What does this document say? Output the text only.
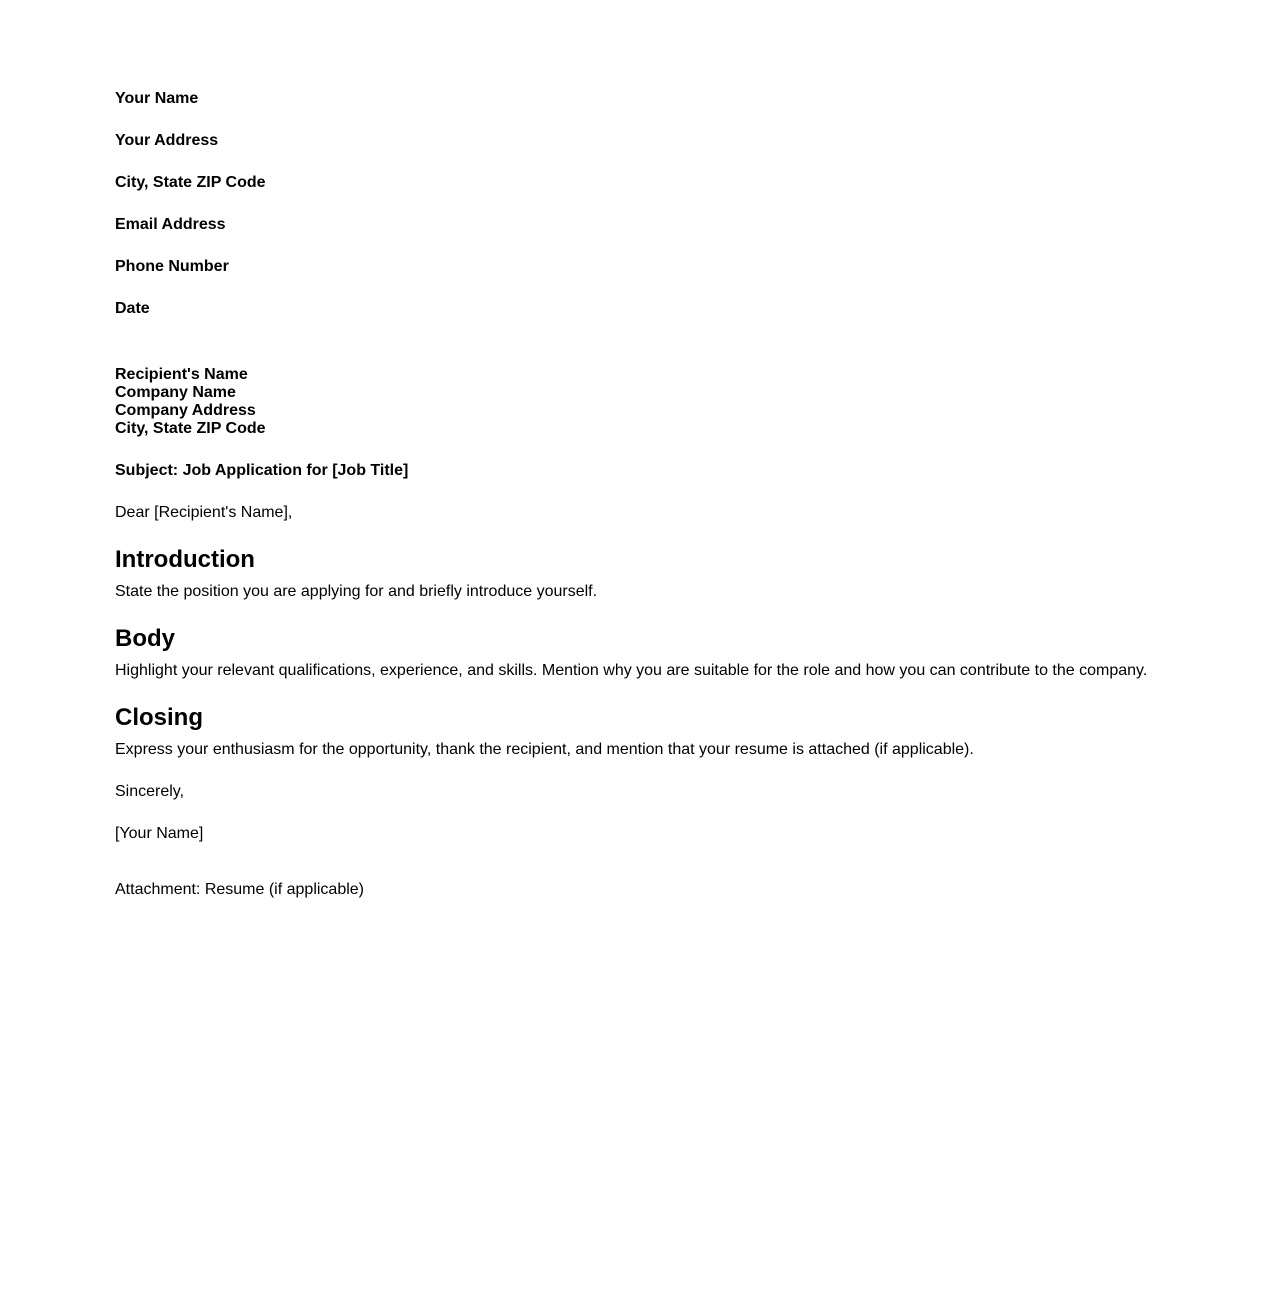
Your Name

Your Address

City, State ZIP Code

Email Address

Phone Number

Date

Recipient's Name
Company Name
Company Address
City, State ZIP Code

Subject: Job Application for [Job Title]

Dear [Recipient's Name],

Introduction

State the position you are applying for and briefly introduce yourself.

Body

Highlight your relevant qualifications, experience, and skills. Mention why you are suitable for the role and how you can contribute to the company.

Closing

Express your enthusiasm for the opportunity, thank the recipient, and mention that your resume is attached (if applicable).

Sincerely,

[Your Name]

Attachment: Resume (if applicable)
